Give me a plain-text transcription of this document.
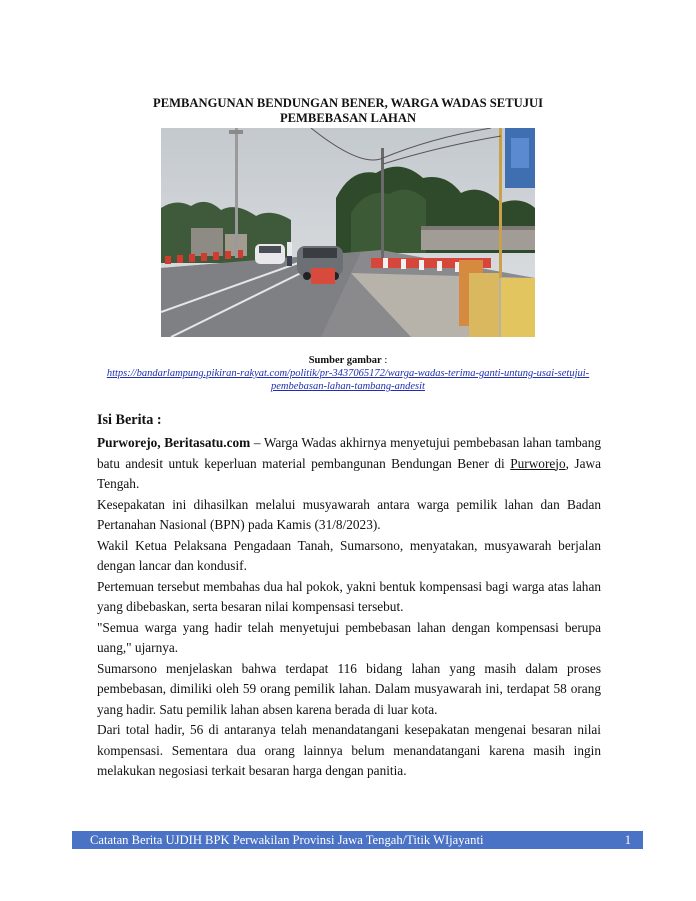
PEMBANGUNAN BENDUNGAN BENER, WARGA WADAS SETUJUI PEMBEBASAN LAHAN
Sumber gambar :
https://bandarlampung.pikiran-rakyat.com/politik/pr-3437065172/warga-wadas-terima-ganti-untung-usai-setujui-pembebasan-lahan-tambang-andesit
Isi Berita :

Purworejo, Beritasatu.com – Warga Wadas akhirnya menyetujui pembebasan lahan tambang batu andesit untuk keperluan material pembangunan Bendungan Bener di Purworejo, Jawa Tengah.

Kesepakatan ini dihasilkan melalui musyawarah antara warga pemilik lahan dan Badan Pertanahan Nasional (BPN) pada Kamis (31/8/2023).

Wakil Ketua Pelaksana Pengadaan Tanah, Sumarsono, menyatakan, musyawarah berjalan dengan lancar dan kondusif.

Pertemuan tersebut membahas dua hal pokok, yakni bentuk kompensasi bagi warga atas lahan yang dibebaskan, serta besaran nilai kompensasi tersebut.

"Semua warga yang hadir telah menyetujui pembebasan lahan dengan kompensasi berupa uang," ujarnya.

Sumarsono menjelaskan bahwa terdapat 116 bidang lahan yang masih dalam proses pembebasan, dimiliki oleh 59 orang pemilik lahan. Dalam musyawarah ini, terdapat 58 orang yang hadir. Satu pemilik lahan absen karena berada di luar kota.

Dari total hadir, 56 di antaranya telah menandatangani kesepakatan mengenai besaran nilai kompensasi. Sementara dua orang lainnya belum menandatangani karena masih ingin melakukan negosiasi terkait besaran harga dengan panitia.

Catatan Berita UJDIH BPK Perwakilan Provinsi Jawa Tengah/Titik WIjayanti	1
